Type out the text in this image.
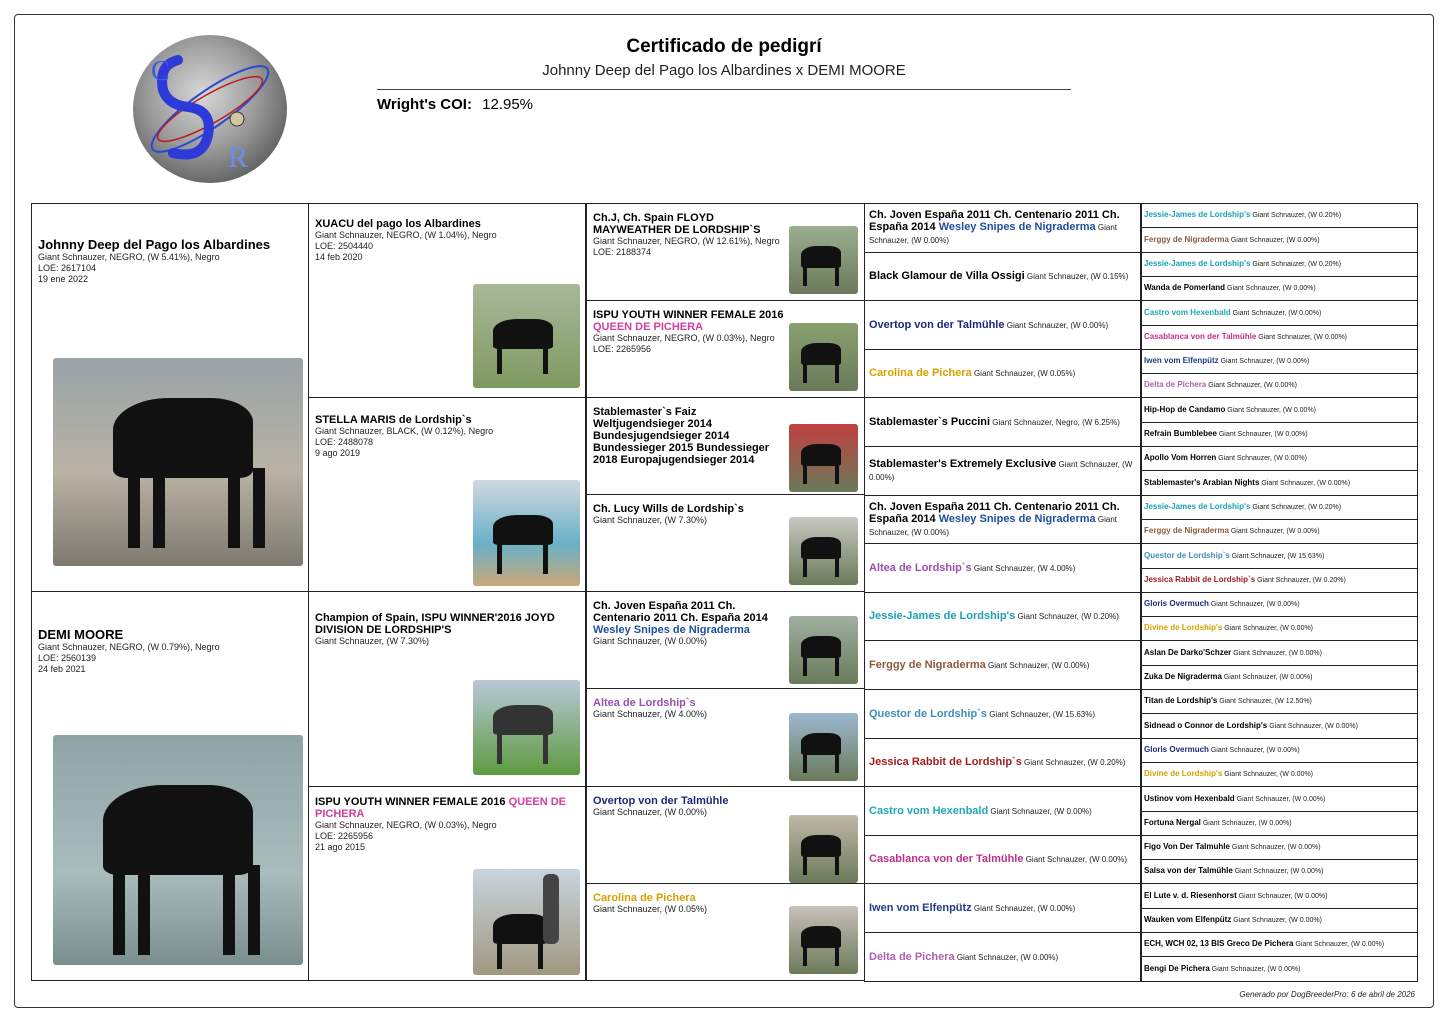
C
R
Certificado de pedigrí
Johnny Deep del Pago los Albardines x DEMI MOORE
Wright's COI: 12.95%
Johnny Deep del Pago los Albardines
Giant Schnauzer, NEGRO, (W 5.41%), Negro
LOE: 2617104
19 ene 2022
DEMI MOORE
Giant Schnauzer, NEGRO, (W 0.79%), Negro
LOE: 2560139
24 feb 2021
XUACU del pago los Albardines
Giant Schnauzer, NEGRO, (W 1.04%), Negro
LOE: 2504440
14 feb 2020
STELLA MARIS de Lordship`s
Giant Schnauzer, BLACK, (W 0.12%), Negro
LOE: 2488078
9 ago 2019
Champion of Spain, ISPU WINNER'2016 JOYD DIVISION DE LORDSHIP'S
Giant Schnauzer, (W 7.30%)
ISPU YOUTH WINNER FEMALE 2016 QUEEN DE PICHERA
Giant Schnauzer, NEGRO, (W 0.03%), Negro
LOE: 2265956
21 ago 2015
Ch.J, Ch. Spain FLOYD MAYWEATHER DE LORDSHIP`S
Giant Schnauzer, NEGRO, (W 12.61%), Negro
LOE: 2188374
ISPU YOUTH WINNER FEMALE 2016
QUEEN DE PICHERA
Giant Schnauzer, NEGRO, (W 0.03%), Negro
LOE: 2265956
Stablemaster`s Faiz Weltjugendsieger 2014 Bundesjugendsieger 2014 Bundessieger 2015 Bundessieger 2018 Europajugendsieger 2014
Ch. Lucy Wills de Lordship`s
Giant Schnauzer, (W 7.30%)
Ch. Joven España 2011 Ch. Centenario 2011 Ch. España 2014 Wesley Snipes de Nigraderma
Giant Schnauzer, (W 0.00%)
Altea de Lordship`s
Giant Schnauzer, (W 4.00%)
Overtop von der Talmühle
Giant Schnauzer, (W 0.00%)
Carolina de Pichera
Giant Schnauzer, (W 0.05%)
Ch. Joven España 2011 Ch. Centenario 2011 Ch. España 2014 Wesley Snipes de Nigraderma Giant Schnauzer, (W 0.00%)
Black Glamour de Villa Ossigi Giant Schnauzer, (W 0.15%)
Overtop von der Talmühle Giant Schnauzer, (W 0.00%)
Carolina de Pichera Giant Schnauzer, (W 0.05%)
Stablemaster`s Puccini Giant Schnauzer, Negro, (W 6.25%)
Stablemaster's Extremely Exclusive Giant Schnauzer, (W 0.00%)
Ch. Joven España 2011 Ch. Centenario 2011 Ch. España 2014 Wesley Snipes de Nigraderma Giant Schnauzer, (W 0.00%)
Altea de Lordship`s Giant Schnauzer, (W 4.00%)
Jessie-James de Lordship's Giant Schnauzer, (W 0.20%)
Ferggy de Nigraderma Giant Schnauzer, (W 0.00%)
Questor de Lordship`s Giant Schnauzer, (W 15.63%)
Jessica Rabbit de Lordship`s Giant Schnauzer, (W 0.20%)
Castro vom Hexenbald Giant Schnauzer, (W 0.00%)
Casablanca von der Talmühle Giant Schnauzer, (W 0.00%)
Iwen vom Elfenpütz Giant Schnauzer, (W 0.00%)
Delta de Pichera Giant Schnauzer, (W 0.00%)
Jessie-James de Lordship's Giant Schnauzer, (W 0.20%)
Ferggy de Nigraderma Giant Schnauzer, (W 0.00%)
Jessie-James de Lordship's Giant Schnauzer, (W 0.20%)
Wanda de Pomerland Giant Schnauzer, (W 0.00%)
Castro vom Hexenbald Giant Schnauzer, (W 0.00%)
Casablanca von der Talmühle Giant Schnauzer, (W 0.00%)
Iwen vom Elfenpütz Giant Schnauzer, (W 0.00%)
Delta de Pichera Giant Schnauzer, (W 0.00%)
Hip-Hop de Candamo Giant Schnauzer, (W 0.00%)
Refrain Bumblebee Giant Schnauzer, (W 0.00%)
Apollo Vom Horren Giant Schnauzer, (W 0.00%)
Stablemaster's Arabian Nights Giant Schnauzer, (W 0.00%)
Jessie-James de Lordship's Giant Schnauzer, (W 0.20%)
Ferggy de Nigraderma Giant Schnauzer, (W 0.00%)
Questor de Lordship`s Giant Schnauzer, (W 15.63%)
Jessica Rabbit de Lordship`s Giant Schnauzer, (W 0.20%)
Gloris Overmuch Giant Schnauzer, (W 0.00%)
Divine de Lordship's Giant Schnauzer, (W 0.00%)
Aslan De Darko'Schzer Giant Schnauzer, (W 0.00%)
Zuka De Nigraderma Giant Schnauzer, (W 0.00%)
Titan de Lordship's Giant Schnauzer, (W 12.50%)
Sidnead o Connor de Lordship's Giant Schnauzer, (W 0.00%)
Gloris Overmuch Giant Schnauzer, (W 0.00%)
Divine de Lordship's Giant Schnauzer, (W 0.00%)
Ustinov vom Hexenbald Giant Schnauzer, (W 0.00%)
Fortuna Nergal Giant Schnauzer, (W 0.00%)
Figo Von Der Talmuhle Giant Schnauzer, (W 0.00%)
Salsa von der Talmühle Giant Schnauzer, (W 0.00%)
El Lute v. d. Riesenhorst Giant Schnauzer, (W 0.00%)
Wauken vom Elfenpütz Giant Schnauzer, (W 0.00%)
ECH, WCH 02, 13 BIS Greco De Pichera Giant Schnauzer, (W 0.00%)
Bengi De Pichera Giant Schnauzer, (W 0.00%)
Generado por DogBreederPro: 6 de abril de 2026
